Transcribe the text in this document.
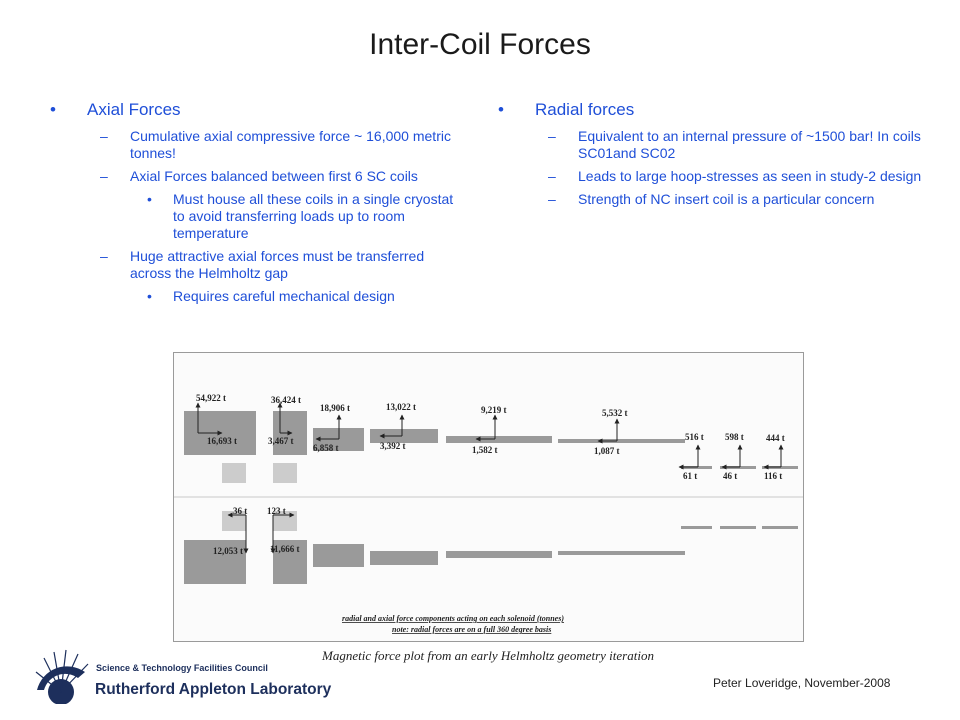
Inter-Coil Forces
• Axial Forces
– Cumulative axial compressive force ~ 16,000 metric tonnes!
– Axial Forces balanced between first 6 SC coils
• Must house all these coils in a single cryostat to avoid transferring loads up to room temperature
– Huge attractive axial forces must be transferred across the Helmholtz gap
• Requires careful mechanical design
• Radial forces
– Equivalent to an internal pressure of ~1500 bar! In coils SC01and SC02
– Leads to large hoop-stresses as seen in study-2 design
– Strength of NC insert coil is a particular concern
54,922 t
16,693 t
36,424 t
3,467 t
18,906 t
6,858 t
13,022 t
3,392 t
9,219 t
1,582 t
5,532 t
1,087 t
516 t
61 t
598 t
46 t
444 t
116 t
36 t
12,053 t
123 t
11,666 t
radial and axial force components acting on each solenoid (tonnes)
note: radial forces are on a full 360 degree basis
Magnetic force plot from an early Helmholtz geometry iteration
Science & Technology Facilities Council
Rutherford Appleton Laboratory	Peter Loveridge, November-2008
